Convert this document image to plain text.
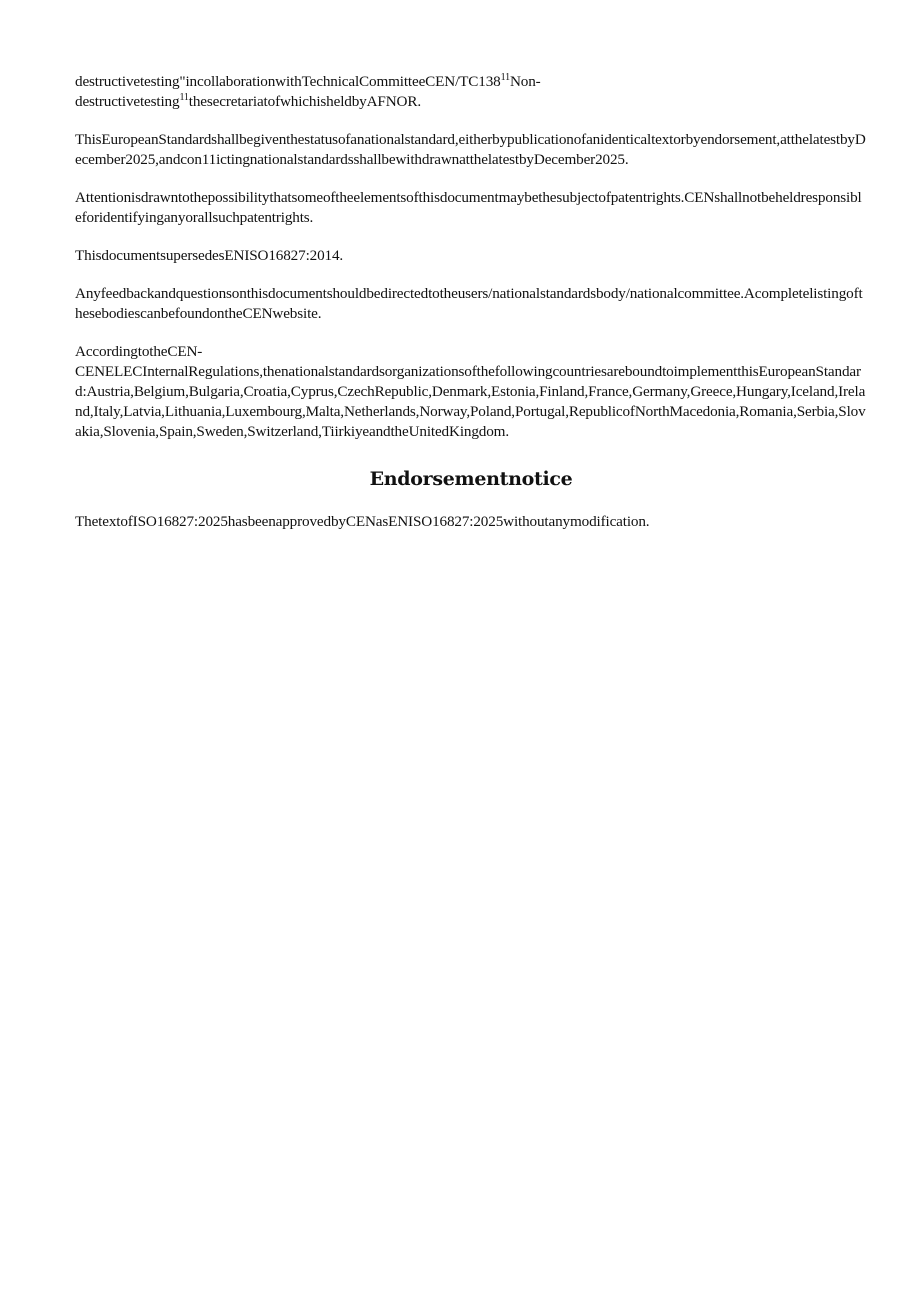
$destructivetesting"incollaborationwithTechnicalCommitteeCEN/TC138^{11}Non-$
destructivetesting$^{11}$thesecretariatofwhichisheldbyAFNOR.

ThisEuropeanStandardshallbegiventhestatusofanationalstandard,eitherbypublicationofanidenticaltextorbyendorsement,atthelatestbyDecember2025,andcon11ictingnationalstandardsshallbewithdrawnatthelatestbyDecember2025.

Attentionisdrawntothepossibilitythatsomeoftheelementsofthisdocumentmaybethesubjectofpatentrights.CENshallnotbeheldresponsibleforidentifyinganyorallsuchpatentrights.

ThisdocumentsupersedesENISO16827:2014.

Anyfeedbackandquestionsonthisdocumentshouldbedirectedtotheusers/nationalstandardsbody/nationalcommittee.AcompletelistingofthesebodiescanbefoundontheCENwebsite.

AccordingtotheCEN-
CENELECInternalRegulations,thenationalstandardsorganizationsofthefollowingcountriesareboundtoimplementthisEuropeanStandard:Austria,Belgium,Bulgaria,Croatia,Cyprus,CzechRepublic,Denmark,Estonia,Finland,France,Germany,Greece,Hungary,Iceland,Ireland,Italy,Latvia,Lithuania,Luxembourg,Malta,Netherlands,Norway,Poland,Portugal,RepublicofNorthMacedonia,Romania,Serbia,Slovakia,Slovenia,Spain,Sweden,Switzerland,TiirkiyeandtheUnitedKingdom.

Endorsementnotice

ThetextofISO16827:2025hasbeenapprovedbyCENasENISO16827:2025withoutanymodification.
